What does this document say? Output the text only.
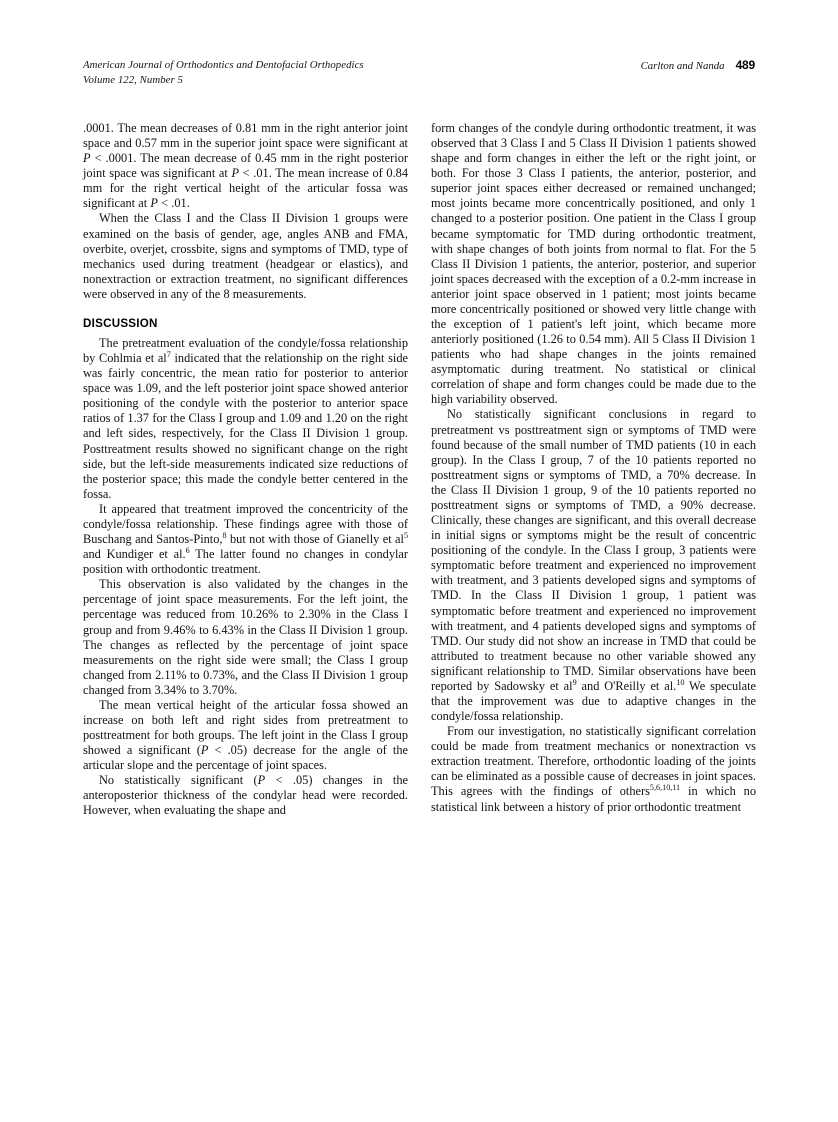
American Journal of Orthodontics and Dentofacial Orthopedics
Volume 122, Number 5
Carlton and Nanda 489

.0001. The mean decreases of 0.81 mm in the right anterior joint space and 0.57 mm in the superior joint space were significant at P < .0001. The mean decrease of 0.45 mm in the right posterior joint space was significant at P < .01. The mean increase of 0.84 mm for the right vertical height of the articular fossa was significant at P < .01.

When the Class I and the Class II Division 1 groups were examined on the basis of gender, age, angles ANB and FMA, overbite, overjet, crossbite, signs and symptoms of TMD, type of mechanics used during treatment (headgear or elastics), and nonextraction or extraction treatment, no significant differences were observed in any of the 8 measurements.

DISCUSSION

The pretreatment evaluation of the condyle/fossa relationship by Cohlmia et $al^7$ indicated that the relationship on the right side was fairly concentric, the mean ratio for posterior to anterior space was 1.09, and the left posterior joint space showed anterior positioning of the condyle with the posterior to anterior space ratios of 1.37 for the Class I group and 1.09 and 1.20 on the right and left sides, respectively, for the Class II Division 1 group. Posttreatment results showed no significant change on the right side, but the left-side measurements indicated size reductions of the posterior space; this made the condyle better centered in the fossa.

It appeared that treatment improved the concentricity of the condyle/fossa relationship. These findings agree with those of Buschang and Santos-Pinto,$^8$ but not with those of Gianelly et $al^5$ and Kundiger et al.$^6$ The latter found no changes in condylar position with orthodontic treatment.

This observation is also validated by the changes in the percentage of joint space measurements. For the left joint, the percentage was reduced from 10.26% to 2.30% in the Class I group and from 9.46% to 6.43% in the Class II Division 1 group. The changes as reflected by the percentage of joint space measurements on the right side were small; the Class I group changed from 2.11% to 0.73%, and the Class II Division 1 group changed from 3.34% to 3.70%.

The mean vertical height of the articular fossa showed an increase on both left and right sides from pretreatment to posttreatment for both groups. The left joint in the Class I group showed a significant (P < .05) decrease for the angle of the articular slope and the percentage of joint spaces.

No statistically significant (P < .05) changes in the anteroposterior thickness of the condylar head were recorded. However, when evaluating the shape and

form changes of the condyle during orthodontic treatment, it was observed that 3 Class I and 5 Class II Division 1 patients showed shape and form changes in either the left or the right joint, or both. For those 3 Class I patients, the anterior, posterior, and superior joint spaces either decreased or remained unchanged; most joints became more concentrically positioned, and only 1 changed to a posterior position. One patient in the Class I group became symptomatic for TMD during orthodontic treatment, with shape changes of both joints from normal to flat. For the 5 Class II Division 1 patients, the anterior, posterior, and superior joint spaces decreased with the exception of a 0.2-mm increase in anterior joint space observed in 1 patient; most joints became more concentrically positioned or showed very little change with the exception of 1 patient's left joint, which became more anteriorly positioned (1.26 to 0.54 mm). All 5 Class II Division 1 patients who had shape changes in the joints remained asymptomatic during treatment. No statistical or clinical correlation of shape and form changes could be made due to the high variability observed.

No statistically significant conclusions in regard to pretreatment vs posttreatment sign or symptoms of TMD were found because of the small number of TMD patients (10 in each group). In the Class I group, 7 of the 10 patients reported no posttreatment signs or symptoms of TMD, a 70% decrease. In the Class II Division 1 group, 9 of the 10 patients reported no posttreatment signs or symptoms of TMD, a 90% decrease. Clinically, these changes are significant, and this overall decrease in initial signs or symptoms might be the result of concentric positioning of the condyle. In the Class I group, 3 patients were symptomatic before treatment and experienced no improvement with treatment, and 3 patients developed signs and symptoms of TMD. In the Class II Division 1 group, 1 patient was symptomatic before treatment and experienced no improvement with treatment, and 4 patients developed signs and symptoms of TMD. Our study did not show an increase in TMD that could be attributed to treatment because no other variable showed any significant relationship to TMD. Similar observations have been reported by Sadowsky et $al^9$ and O'Reilly et al.$^{10}$ We speculate that the improvement was due to adaptive changes in the condyle/fossa relationship.

From our investigation, no statistically significant correlation could be made from treatment mechanics or nonextraction vs extraction treatment. Therefore, orthodontic loading of the joints can be eliminated as a possible cause of decreases in joint spaces. This agrees with the findings of others$^{5,6,10,11}$ in which no statistical link between a history of prior orthodontic treatment
